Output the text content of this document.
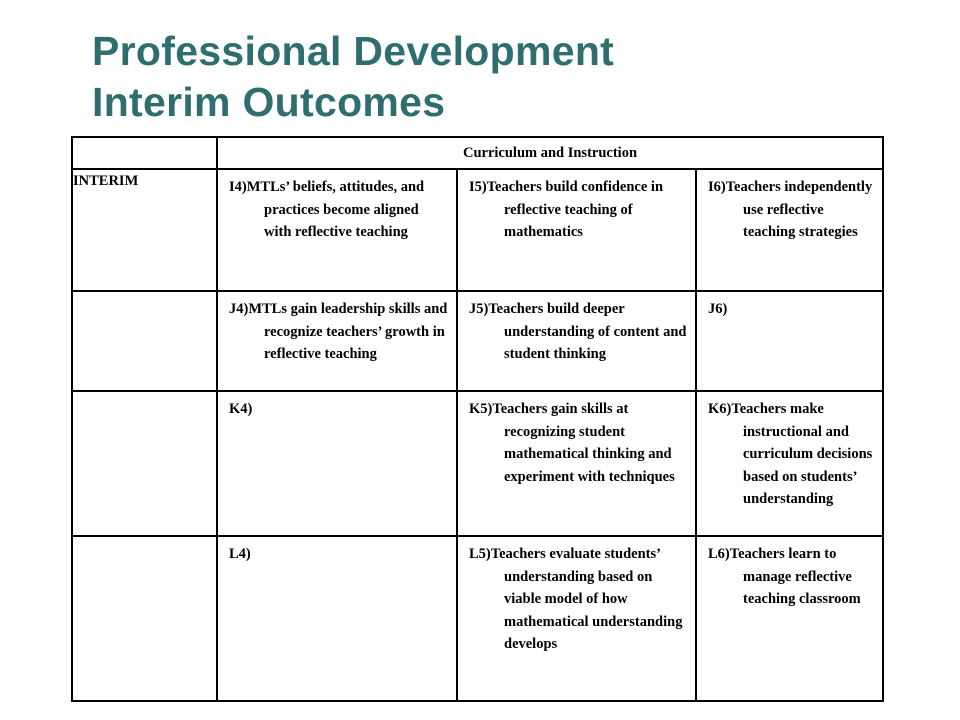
Professional Development
Interim Outcomes
	Curriculum and Instruction		
INTERIM	I4)MTLs’ beliefs, attitudes, and practices become aligned with reflective teaching	I5)Teachers build confidence in reflective teaching of mathematics	I6)Teachers independently use reflective teaching strategies

	J4)MTLs gain leadership skills and recognize teachers’ growth in reflective teaching	J5)Teachers build deeper understanding of content and student thinking	J6)

	K4)	K5)Teachers gain skills at recognizing student mathematical thinking and experiment with techniques	K6)Teachers make instructional and curriculum decisions based on students’ understanding

	L4)	L5)Teachers evaluate students’ understanding based on viable model of how mathematical understanding develops	L6)Teachers learn to manage reflective teaching classroom
